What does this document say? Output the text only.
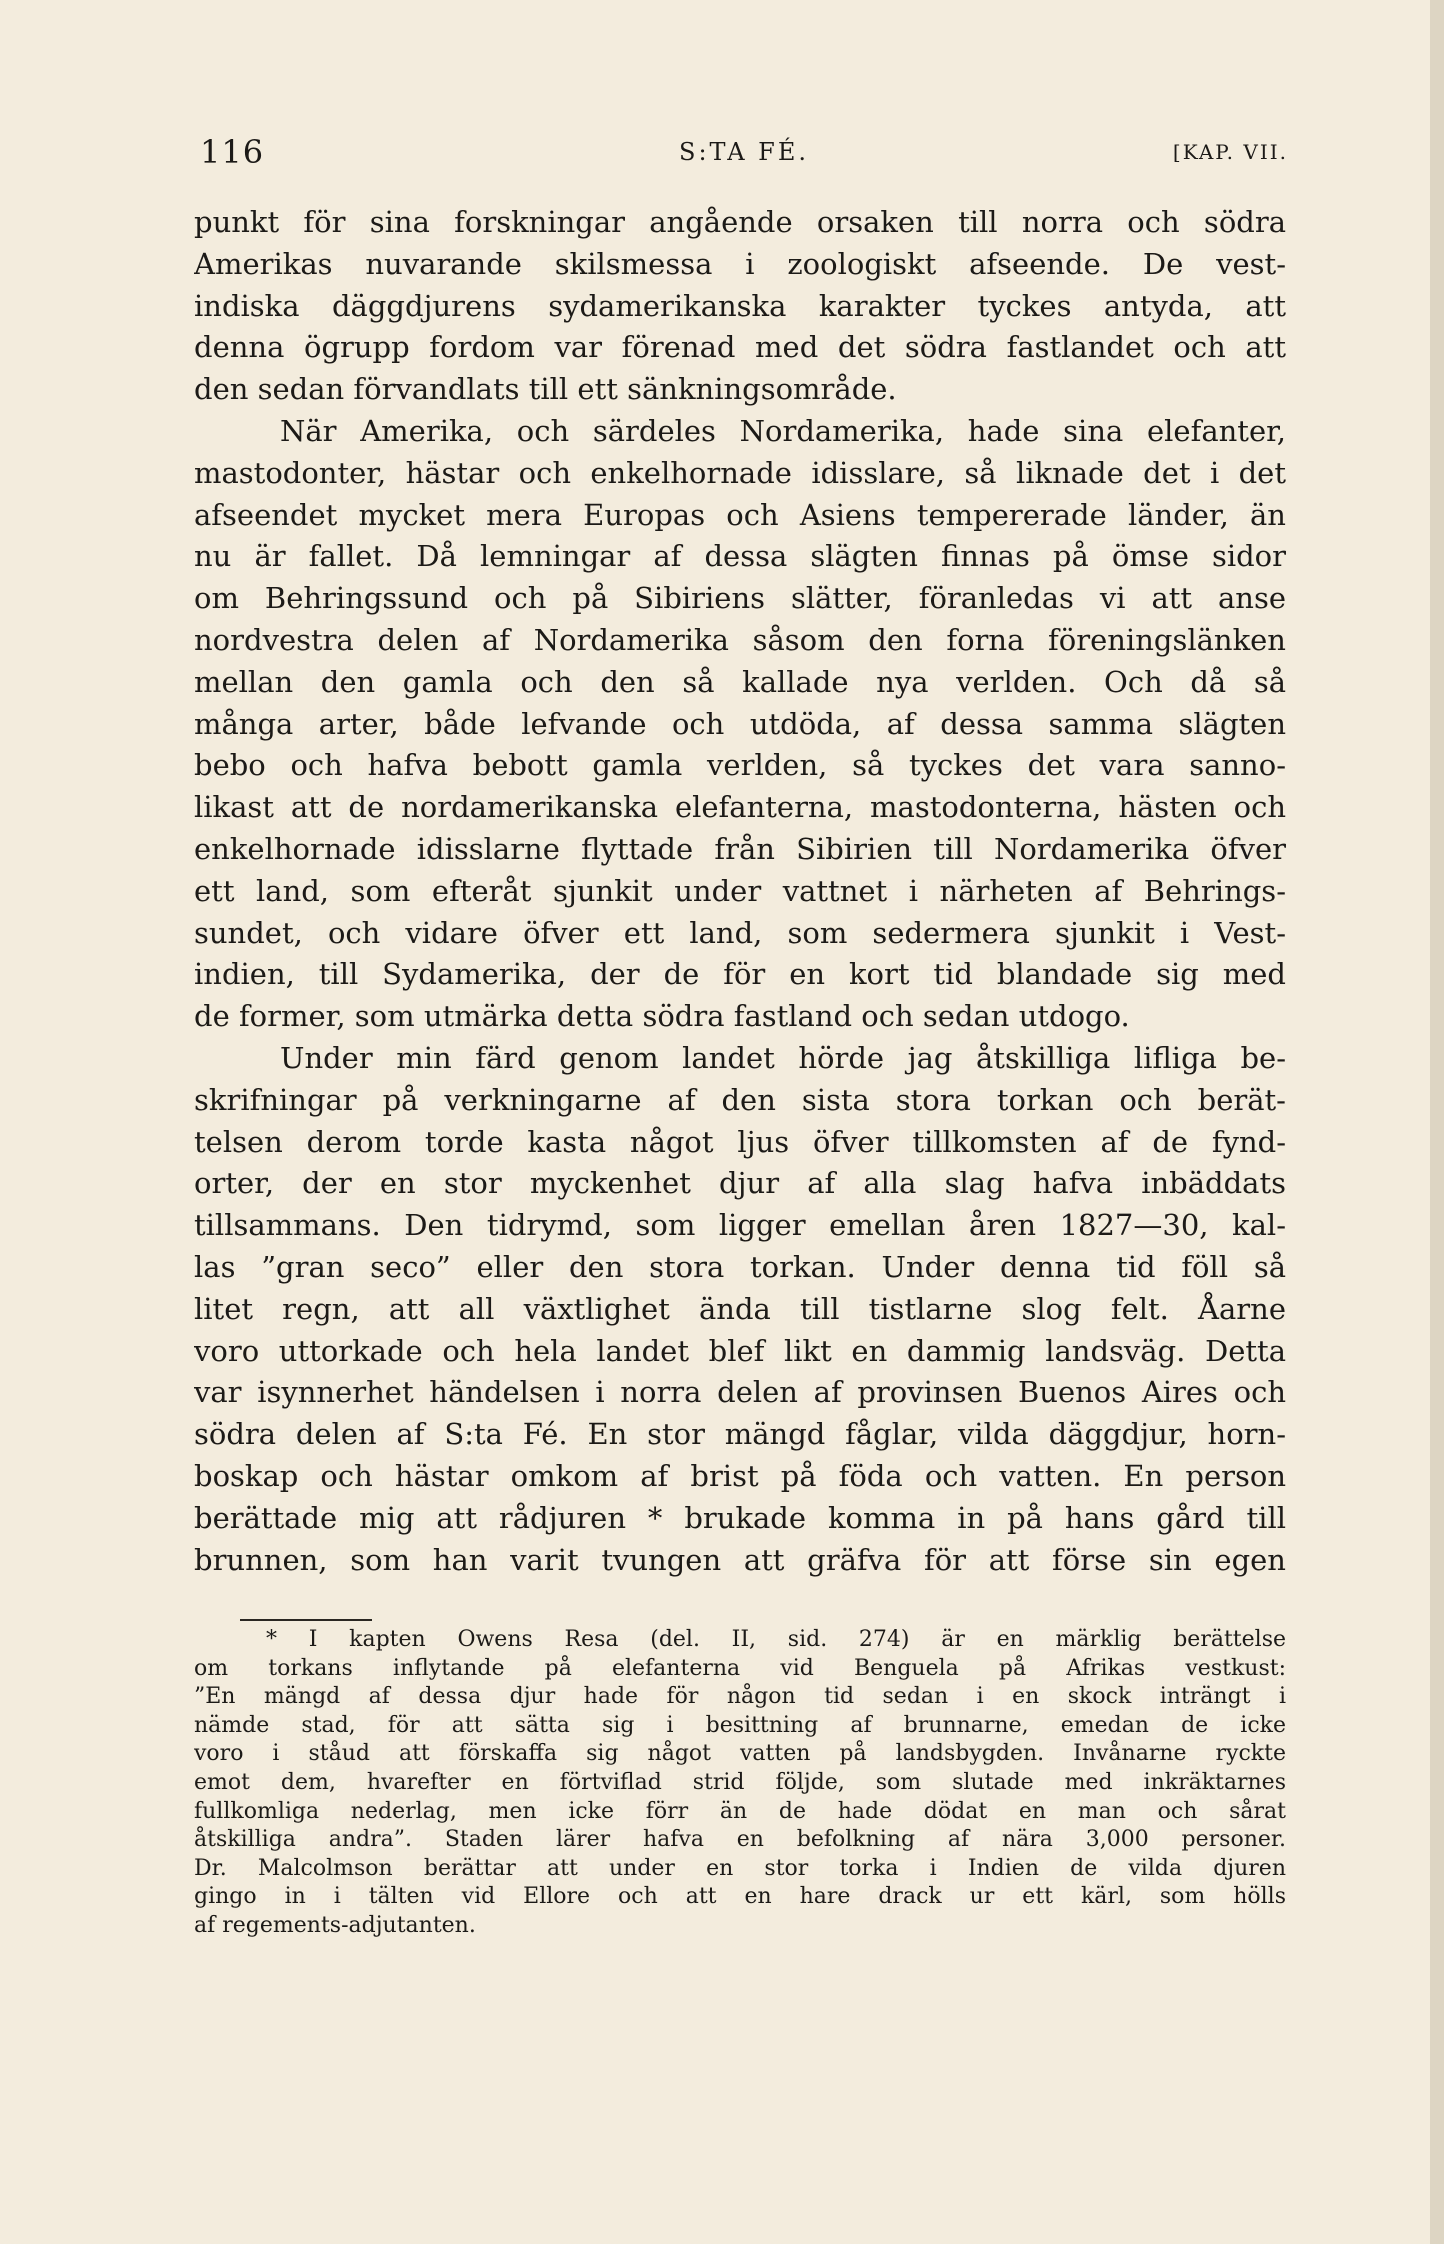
116	S:TA FÉ.	[KAP. VII.
punkt för sina forskningar angående orsaken till norra och södra
Amerikas nuvarande skilsmessa i zoologiskt afseende. De vest-
indiska däggdjurens sydamerikanska karakter tyckes antyda, att
denna ögrupp fordom var förenad med det södra fastlandet och att
den sedan förvandlats till ett sänkningsområde.
När Amerika, och särdeles Nordamerika, hade sina elefanter,
mastodonter, hästar och enkelhornade idisslare, så liknade det i det
afseendet mycket mera Europas och Asiens tempererade länder, än
nu är fallet. Då lemningar af dessa slägten finnas på ömse sidor
om Behringssund och på Sibiriens slätter, föranledas vi att anse
nordvestra delen af Nordamerika såsom den forna föreningslänken
mellan den gamla och den så kallade nya verlden. Och då så
många arter, både lefvande och utdöda, af dessa samma slägten
bebo och hafva bebott gamla verlden, så tyckes det vara sanno-
likast att de nordamerikanska elefanterna, mastodonterna, hästen och
enkelhornade idisslarne flyttade från Sibirien till Nordamerika öfver
ett land, som efteråt sjunkit under vattnet i närheten af Behrings-
sundet, och vidare öfver ett land, som sedermera sjunkit i Vest-
indien, till Sydamerika, der de för en kort tid blandade sig med
de former, som utmärka detta södra fastland och sedan utdogo.
Under min färd genom landet hörde jag åtskilliga lifliga be-
skrifningar på verkningarne af den sista stora torkan och berät-
telsen derom torde kasta något ljus öfver tillkomsten af de fynd-
orter, der en stor myckenhet djur af alla slag hafva inbäddats
tillsammans. Den tidrymd, som ligger emellan åren 1827—30, kal-
las ”gran seco” eller den stora torkan. Under denna tid föll så
litet regn, att all växtlighet ända till tistlarne slog felt. Åarne
voro uttorkade och hela landet blef likt en dammig landsväg. Detta
var isynnerhet händelsen i norra delen af provinsen Buenos Aires och
södra delen af S:ta Fé. En stor mängd fåglar, vilda däggdjur, horn-
boskap och hästar omkom af brist på föda och vatten. En person
berättade mig att rådjuren * brukade komma in på hans gård till
brunnen, som han varit tvungen att gräfva för att förse sin egen
* I kapten Owens Resa (del. II, sid. 274) är en märklig berättelse
om torkans inflytande på elefanterna vid Benguela på Afrikas vestkust:
”En mängd af dessa djur hade för någon tid sedan i en skock inträngt i
nämde stad, för att sätta sig i besittning af brunnarne, emedan de icke
voro i ståud att förskaffa sig något vatten på landsbygden. Invånarne ryckte
emot dem, hvarefter en förtviflad strid följde, som slutade med inkräktarnes
fullkomliga nederlag, men icke förr än de hade dödat en man och sårat
åtskilliga andra”. Staden lärer hafva en befolkning af nära 3,000 personer.
Dr. Malcolmson berättar att under en stor torka i Indien de vilda djuren
gingo in i tälten vid Ellore och att en hare drack ur ett kärl, som hölls
af regements-adjutanten.
